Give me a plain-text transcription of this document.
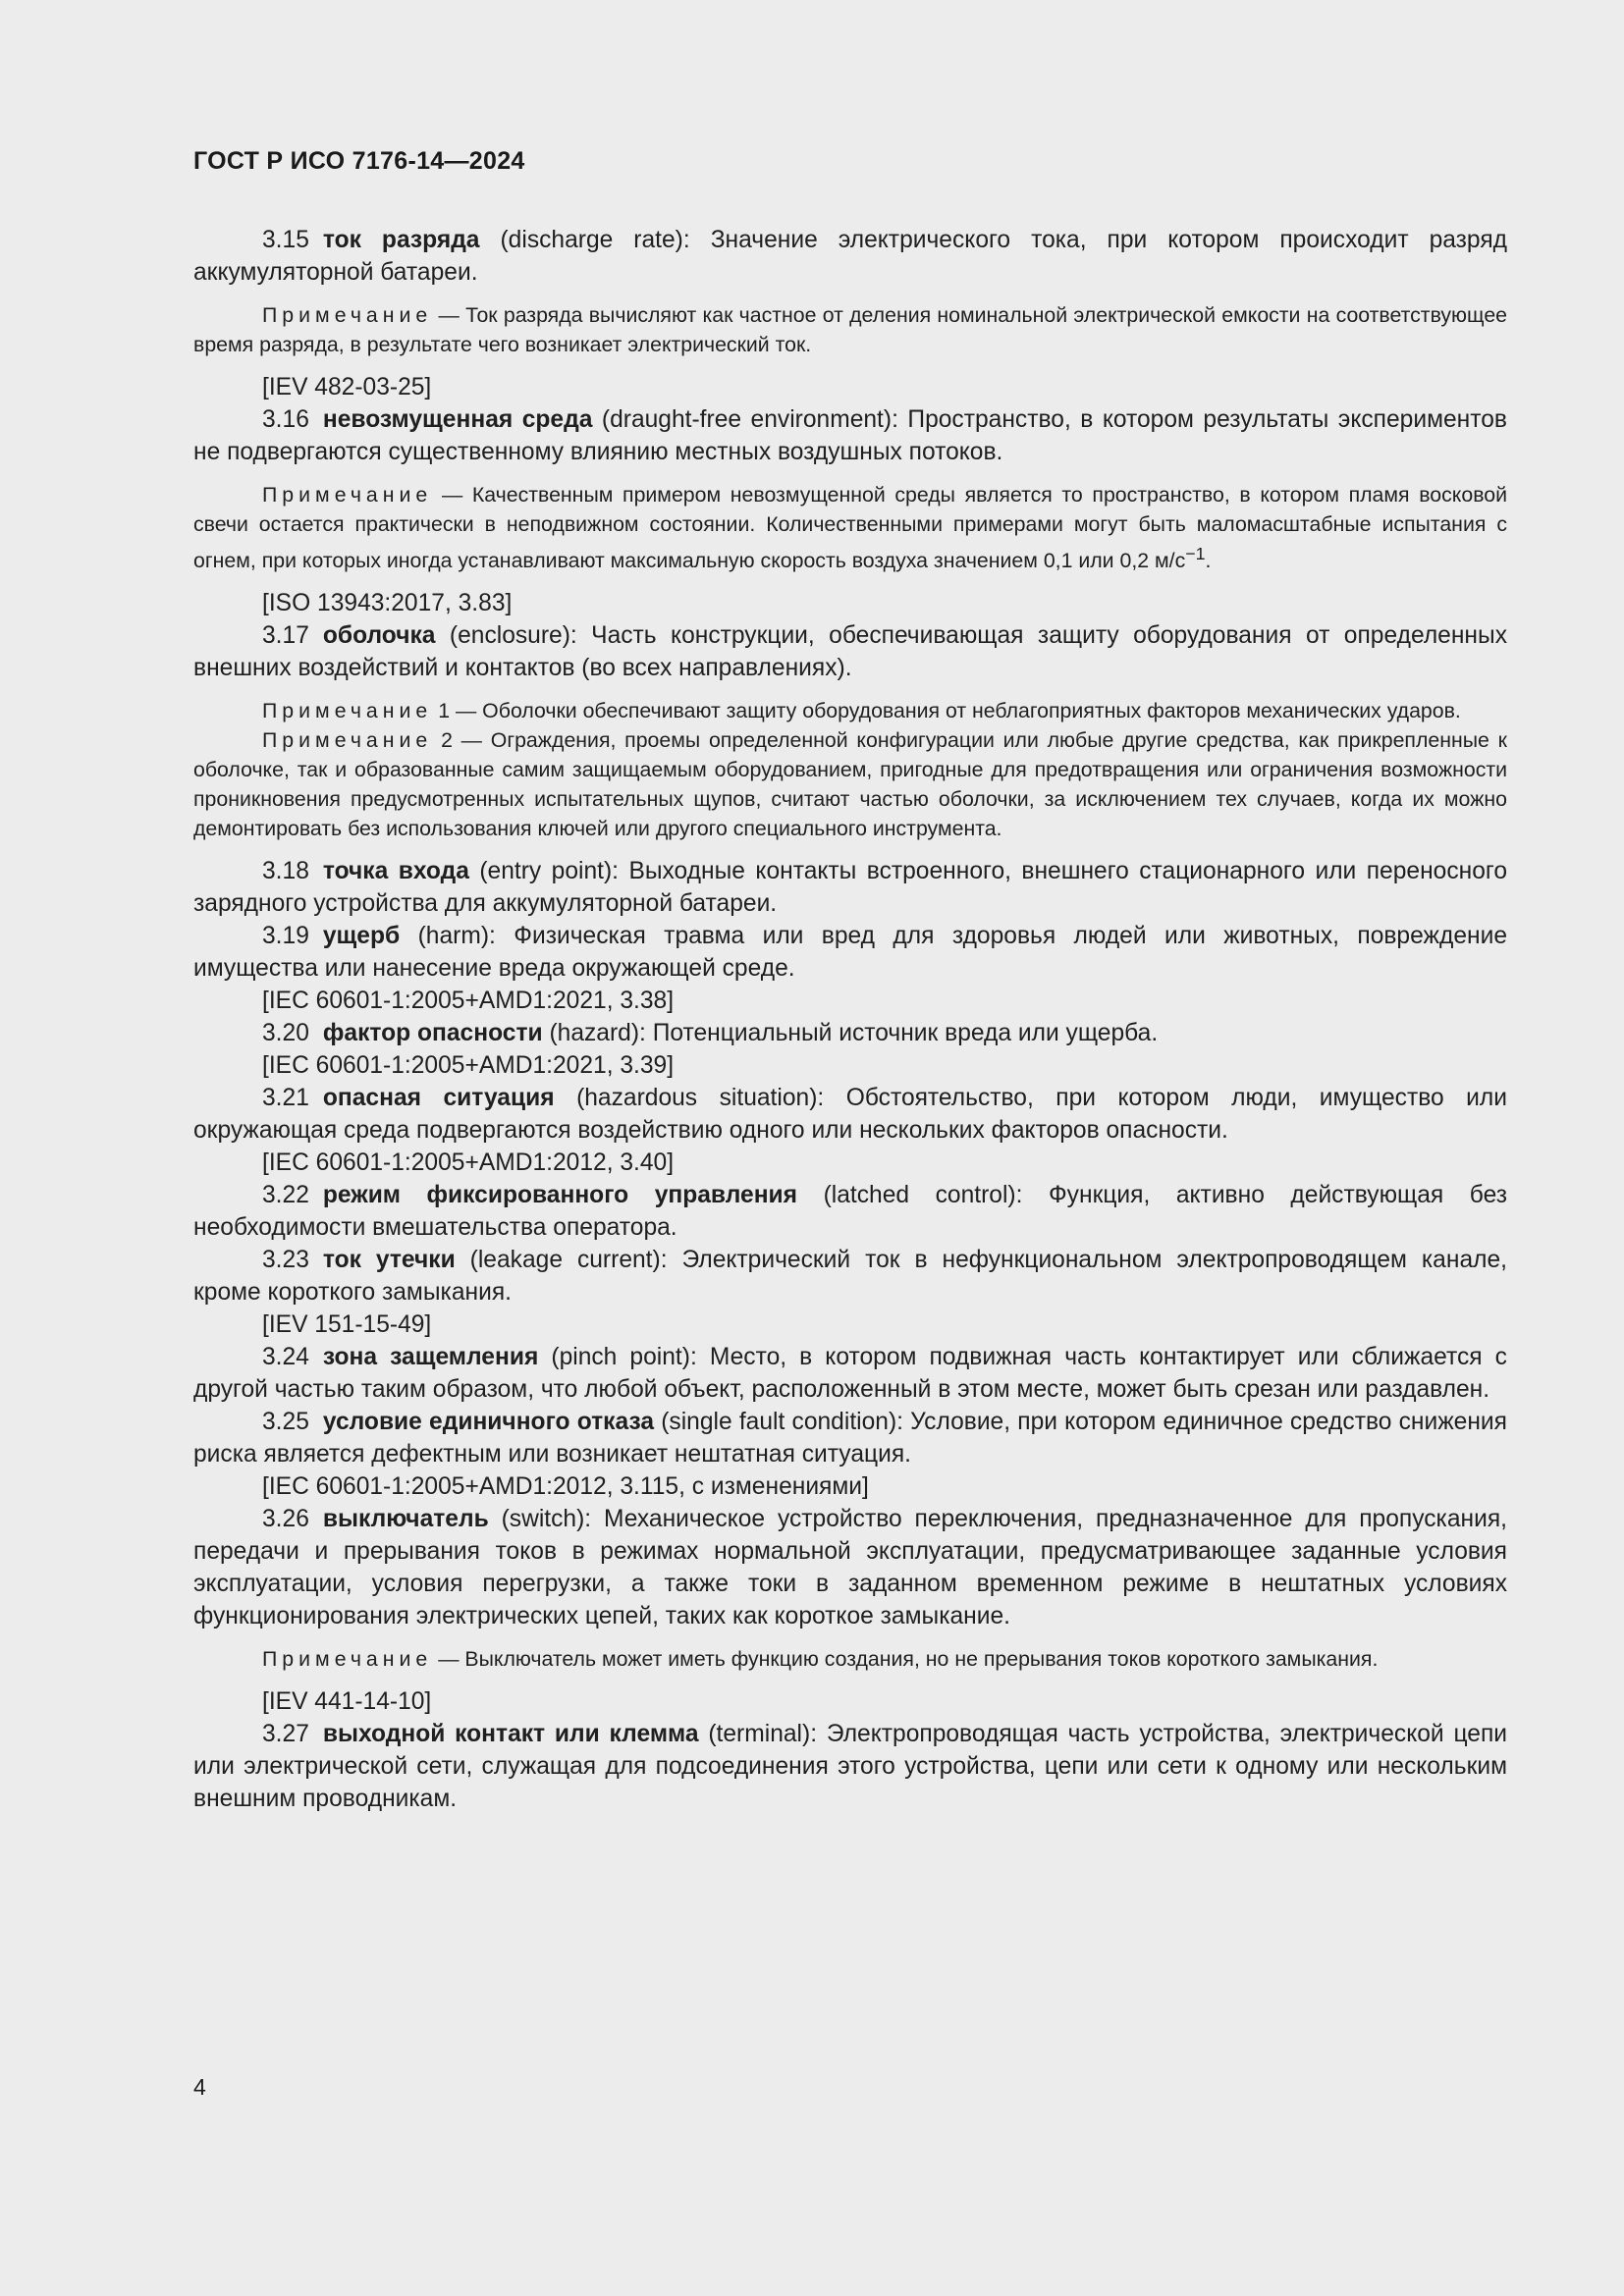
ГОСТ Р ИСО 7176-14—2024

3.15 ток разряда (discharge rate): Значение электрического тока, при котором происходит разряд аккумуляторной батареи.

Примечание — Ток разряда вычисляют как частное от деления номинальной электрической емкости на соответствующее время разряда, в результате чего возникает электрический ток.

[IEV 482-03-25]

3.16 невозмущенная среда (draught-free environment): Пространство, в котором результаты экспериментов не подвергаются существенному влиянию местных воздушных потоков.

Примечание — Качественным примером невозмущенной среды является то пространство, в котором пламя восковой свечи остается практически в неподвижном состоянии. Количественными примерами могут быть маломасштабные испытания с огнем, при которых иногда устанавливают максимальную скорость воздуха значением 0,1 или 0,2 $м/с^{-1}$.

[ISO 13943:2017, 3.83]

3.17 оболочка (enclosure): Часть конструкции, обеспечивающая защиту оборудования от определенных внешних воздействий и контактов (во всех направлениях).

Примечание 1 — Оболочки обеспечивают защиту оборудования от неблагоприятных факторов механических ударов.

Примечание 2 — Ограждения, проемы определенной конфигурации или любые другие средства, как прикрепленные к оболочке, так и образованные самим защищаемым оборудованием, пригодные для предотвращения или ограничения возможности проникновения предусмотренных испытательных щупов, считают частью оболочки, за исключением тех случаев, когда их можно демонтировать без использования ключей или другого специального инструмента.

3.18 точка входа (entry point): Выходные контакты встроенного, внешнего стационарного или переносного зарядного устройства для аккумуляторной батареи.

3.19 ущерб (harm): Физическая травма или вред для здоровья людей или животных, повреждение имущества или нанесение вреда окружающей среде.

[IEC 60601-1:2005+AMD1:2021, 3.38]

3.20 фактор опасности (hazard): Потенциальный источник вреда или ущерба.

[IEC 60601-1:2005+AMD1:2021, 3.39]

3.21 опасная ситуация (hazardous situation): Обстоятельство, при котором люди, имущество или окружающая среда подвергаются воздействию одного или нескольких факторов опасности.

[IEC 60601-1:2005+AMD1:2012, 3.40]

3.22 режим фиксированного управления (latched control): Функция, активно действующая без необходимости вмешательства оператора.

3.23 ток утечки (leakage current): Электрический ток в нефункциональном электропроводящем канале, кроме короткого замыкания.

[IEV 151-15-49]

3.24 зона защемления (pinch point): Место, в котором подвижная часть контактирует или сближается с другой частью таким образом, что любой объект, расположенный в этом месте, может быть срезан или раздавлен.

3.25 условие единичного отказа (single fault condition): Условие, при котором единичное средство снижения риска является дефектным или возникает нештатная ситуация.

[IEC 60601-1:2005+AMD1:2012, 3.115, с изменениями]

3.26 выключатель (switch): Механическое устройство переключения, предназначенное для пропускания, передачи и прерывания токов в режимах нормальной эксплуатации, предусматривающее заданные условия эксплуатации, условия перегрузки, а также токи в заданном временном режиме в нештатных условиях функционирования электрических цепей, таких как короткое замыкание.

Примечание — Выключатель может иметь функцию создания, но не прерывания токов короткого замыкания.

[IEV 441-14-10]

3.27 выходной контакт или клемма (terminal): Электропроводящая часть устройства, электрической цепи или электрической сети, служащая для подсоединения этого устройства, цепи или сети к одному или нескольким внешним проводникам.

4
